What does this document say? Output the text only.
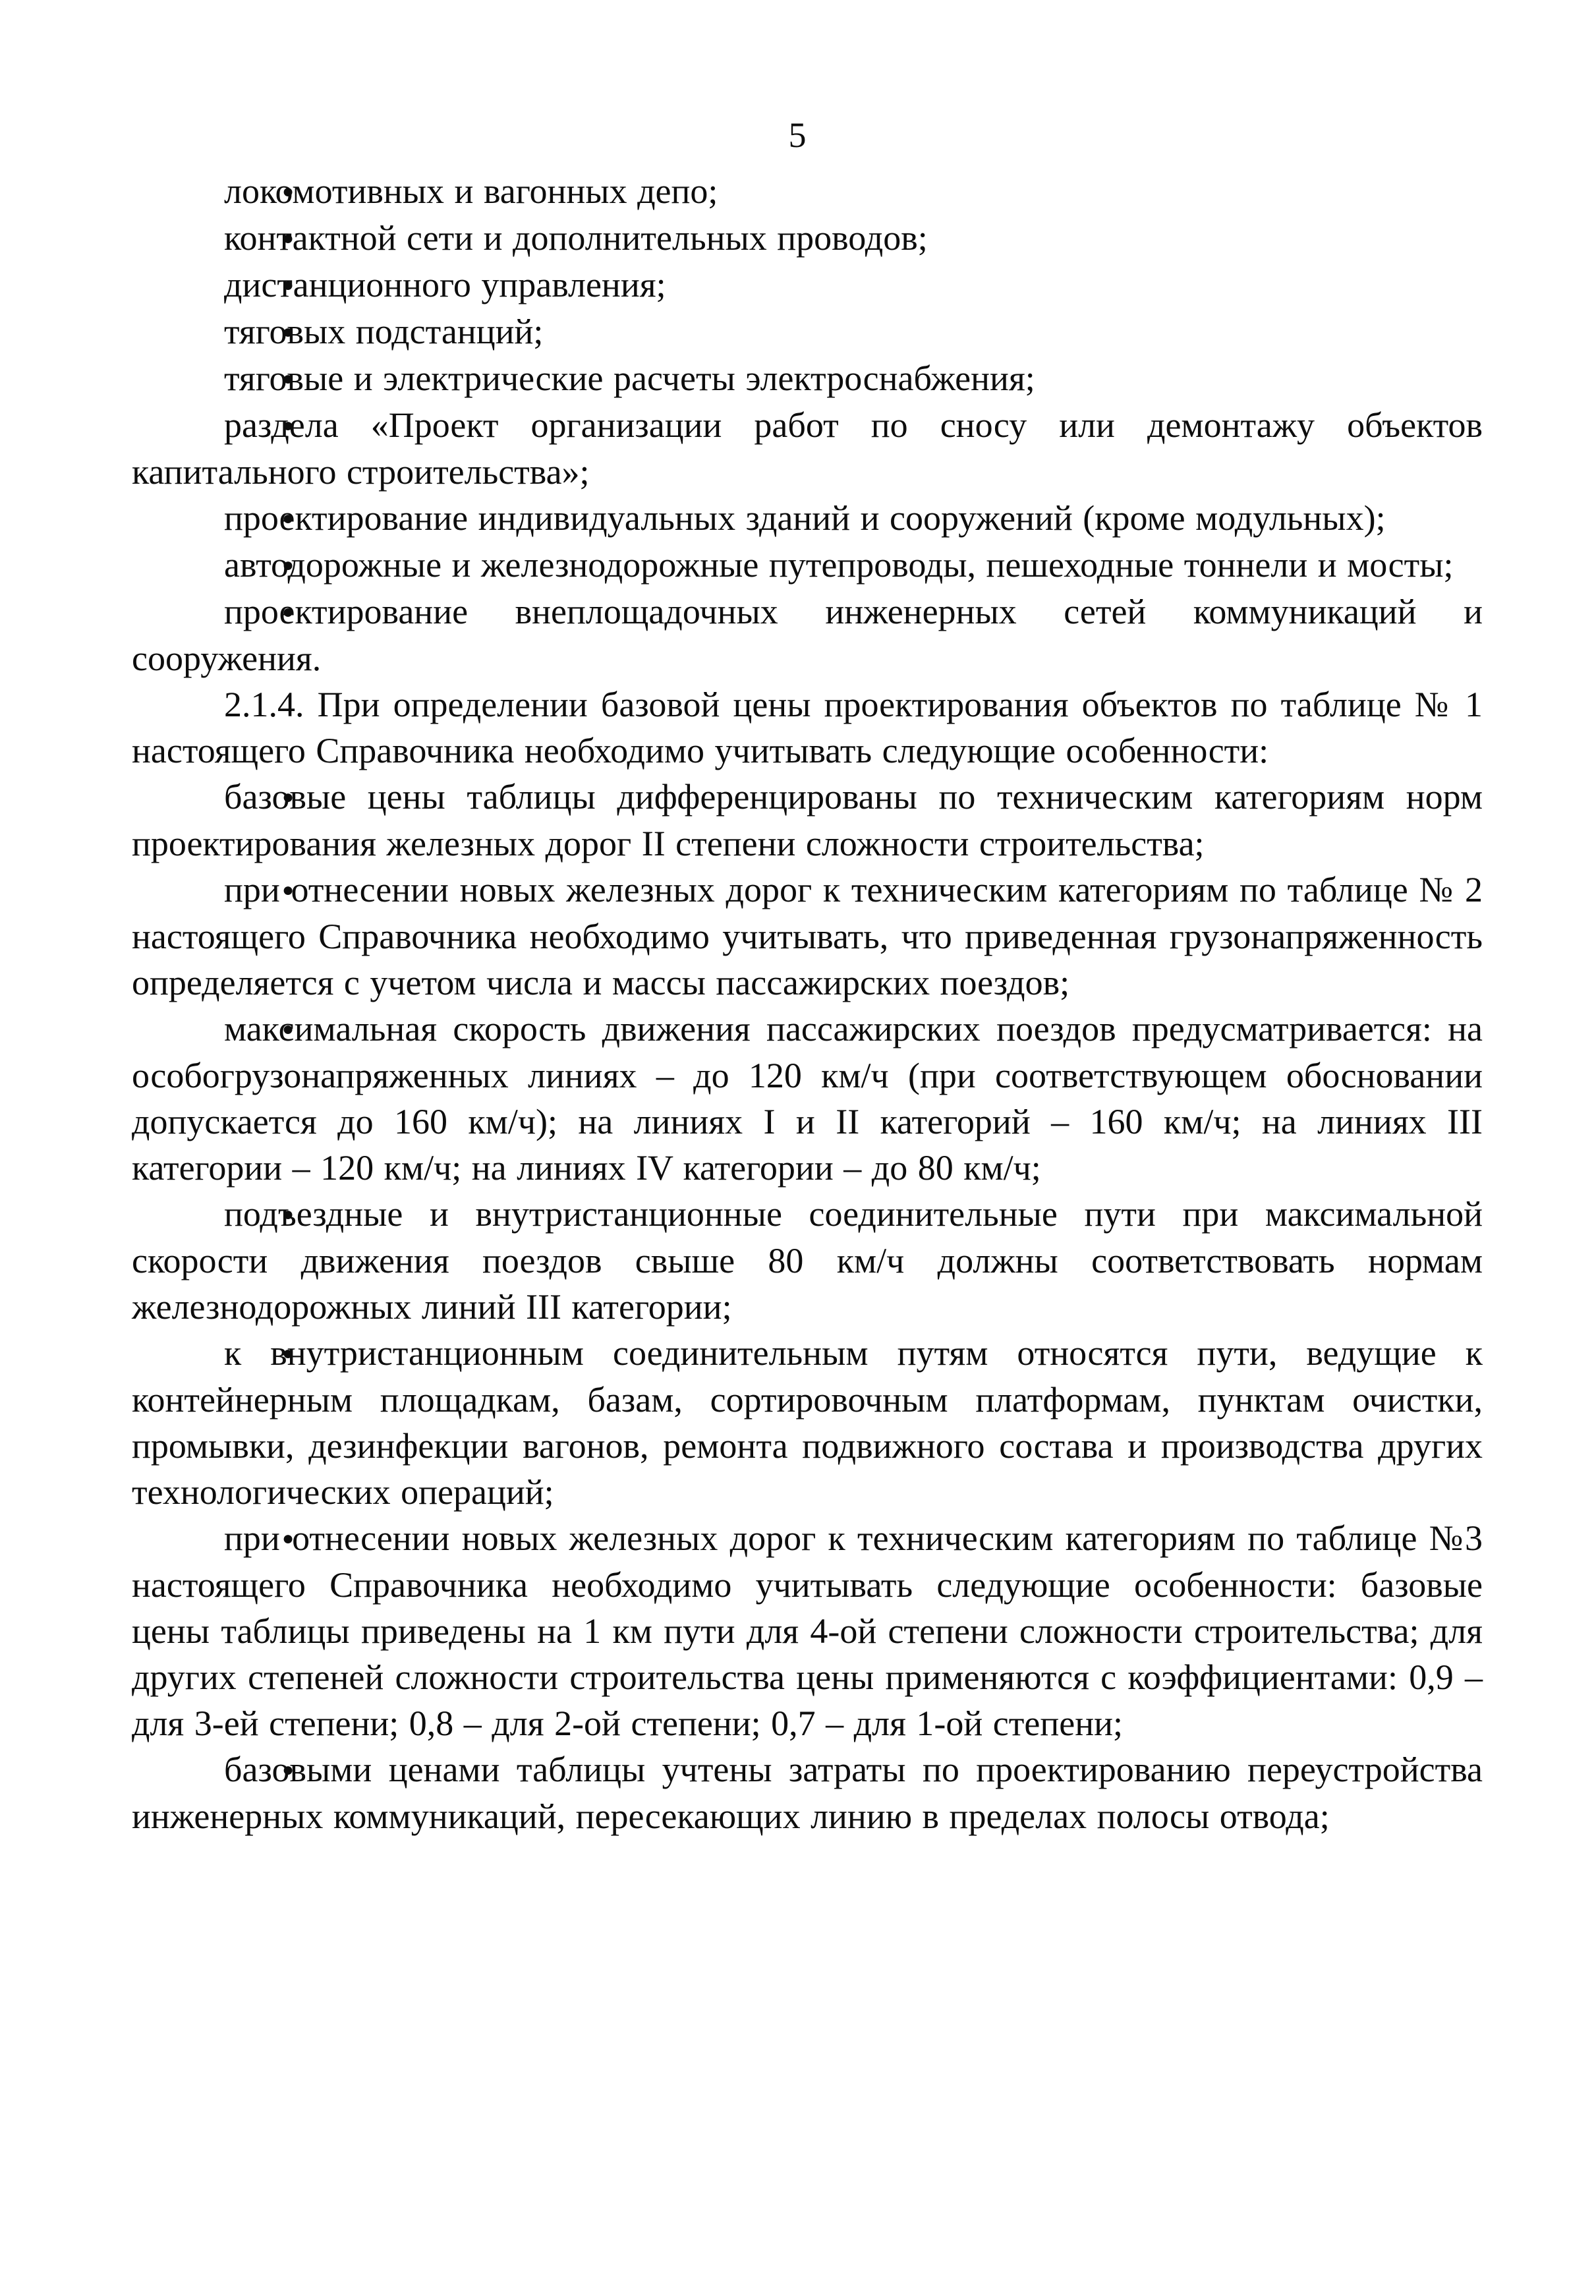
5

● локомотивных и вагонных депо;

● контактной сети и дополнительных проводов;

● дистанционного управления;

● тяговых подстанций;

● тяговые и электрические расчеты электроснабжения;

● раздела «Проект организации работ по сносу или демонтажу объектов капитального строительства»;

● проектирование индивидуальных зданий и сооружений (кроме модульных);

● автодорожные и железнодорожные путепроводы, пешеходные тоннели и мосты;

● проектирование внеплощадочных инженерных сетей коммуникаций и сооружения.

2.1.4. При определении базовой цены проектирования объектов по таблице № 1 настоящего Справочника необходимо учитывать следующие особенности:

● базовые цены таблицы дифференцированы по техническим категориям норм проектирования железных дорог II степени сложности строительства;

● при отнесении новых железных дорог к техническим категориям по таблице № 2 настоящего Справочника необходимо учитывать, что приведенная грузонапряженность определяется с учетом числа и массы пассажирских поездов;

● максимальная скорость движения пассажирских поездов предусматривается: на особогрузонапряженных линиях – до 120 км/ч (при соответствующем обосновании допускается до 160 км/ч); на линиях I и II категорий – 160 км/ч; на линиях III категории – 120 км/ч; на линиях IV категории – до 80 км/ч;

● подъездные и внутристанционные соединительные пути при максимальной скорости движения поездов свыше 80 км/ч должны соответствовать нормам железнодорожных линий III категории;

● к внутристанционным соединительным путям относятся пути, ведущие к контейнерным площадкам, базам, сортировочным платформам, пунктам очистки, промывки, дезинфекции вагонов, ремонта подвижного состава и производства других технологических операций;

● при отнесении новых железных дорог к техническим категориям по таблице №3 настоящего Справочника необходимо учитывать следующие особенности: базовые цены таблицы приведены на 1 км пути для 4-ой степени сложности строительства; для других степеней сложности строительства цены применяются с коэффициентами: 0,9 – для 3-ей степени; 0,8 – для 2-ой степени; 0,7 – для 1-ой степени;

● базовыми ценами таблицы учтены затраты по проектированию переустройства инженерных коммуникаций, пересекающих линию в пределах полосы отвода;
